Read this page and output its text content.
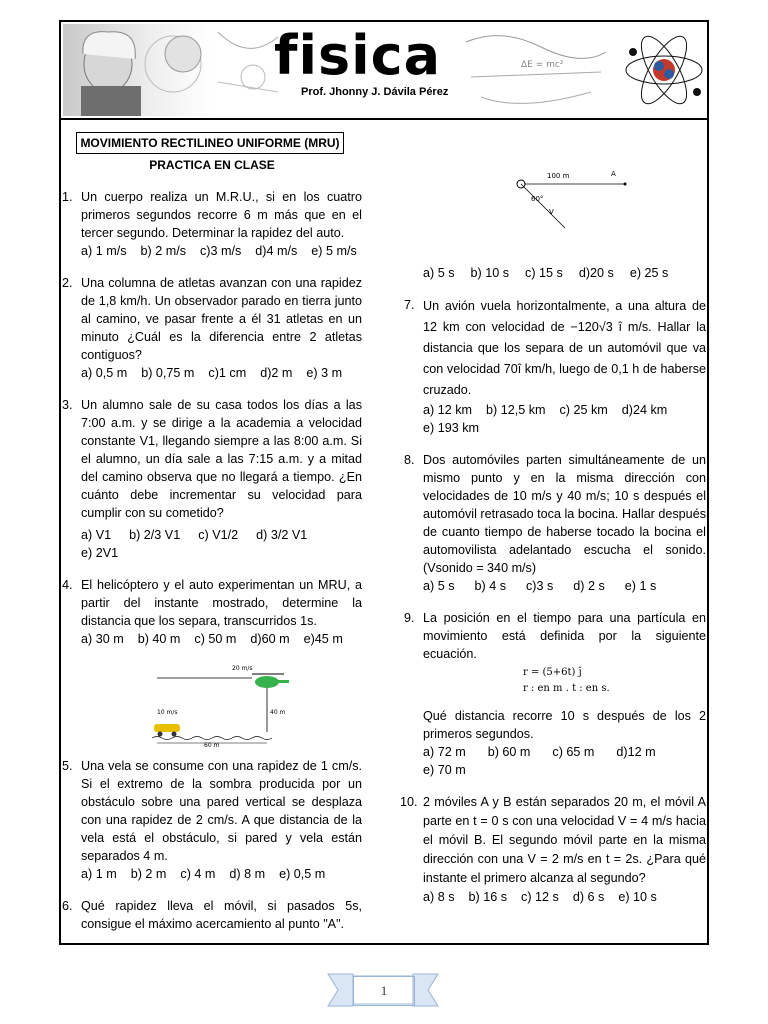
fisica
Prof. Jhonny J. Dávila Pérez
ΔE = mc²
MOVIMIENTO RECTILINEO UNIFORME (MRU)
PRACTICA EN CLASE
1. Un cuerpo realiza un M.R.U., si en los cuatro primeros segundos recorre 6 m más que en el tercer segundo. Determinar la rapidez del auto.
a) 1 m/s b) 2 m/s c)3 m/s d)4 m/s e) 5 m/s
2. Una columna de atletas avanzan con una rapidez de 1,8 km/h. Un observador parado en tierra junto al camino, ve pasar frente a él 31 atletas en un minuto ¿Cuál es la diferencia entre 2 atletas contiguos?
a) 0,5 m b) 0,75 m c)1 cm d)2 m e) 3 m
3. Un alumno sale de su casa todos los días a las 7:00 a.m. y se dirige a la academia a velocidad constante V1, llegando siempre a las 8:00 a.m. Si el alumno, un día sale a las 7:15 a.m. y a mitad del camino observa que no llegará a tiempo. ¿En cuánto debe incrementar su velocidad para cumplir con su cometido?
a) V1 b) 2/3 V1 c) V1/2 d) 3/2 V1
e) 2V1
4. El helicóptero y el auto experimentan un MRU, a partir del instante mostrado, determine la distancia que los separa, transcurridos 1s.
a) 30 m b) 40 m c) 50 m d)60 m e)45 m
20 m/s
40 m
10 m/s
60 m
5. Una vela se consume con una rapidez de 1 cm/s. Si el extremo de la sombra producida por un obstáculo sobre una pared vertical se desplaza con una rapidez de 2 cm/s. A que distancia de la vela está el obstáculo, si pared y vela están separados 4 m.
a) 1 m b) 2 m c) 4 m d) 8 m e) 0,5 m
6. Qué rapidez lleva el móvil, si pasados 5s, consigue el máximo acercamiento al punto "A".
100 m	A
60°
V
a) 5 s b) 10 s c) 15 s d)20 s e) 25 s
7. Un avión vuela horizontalmente, a una altura de 12 km con velocidad de −120√3 î m/s. Hallar la distancia que los separa de un automóvil que va con velocidad 70î km/h, luego de 0,1 h de haberse cruzado.
a) 12 km b) 12,5 km c) 25 km d)24 km
e) 193 km
8. Dos automóviles parten simultáneamente de un mismo punto y en la misma dirección con velocidades de 10 m/s y 40 m/s; 10 s después el automóvil retrasado toca la bocina. Hallar después de cuanto tiempo de haberse tocado la bocina el automovilista adelantado escucha el sonido. (Vsonido = 340 m/s)
a) 5 s b) 4 s c)3 s d) 2 s e) 1 s
9. La posición en el tiempo para una partícula en movimiento está definida por la siguiente ecuación.
r = (5+6t) ĵ
r : en m . t : en s.
Qué distancia recorre 10 s después de los 2 primeros segundos.
a) 72 m b) 60 m c) 65 m d)12 m
e) 70 m
10. 2 móviles A y B están separados 20 m, el móvil A parte en t = 0 s con una velocidad V = 4 m/s hacia el móvil B. El segundo móvil parte en la misma dirección con una V = 2 m/s en t = 2s. ¿Para qué instante el primero alcanza al segundo?
a) 8 s b) 16 s c) 12 s d) 6 s e) 10 s
1
